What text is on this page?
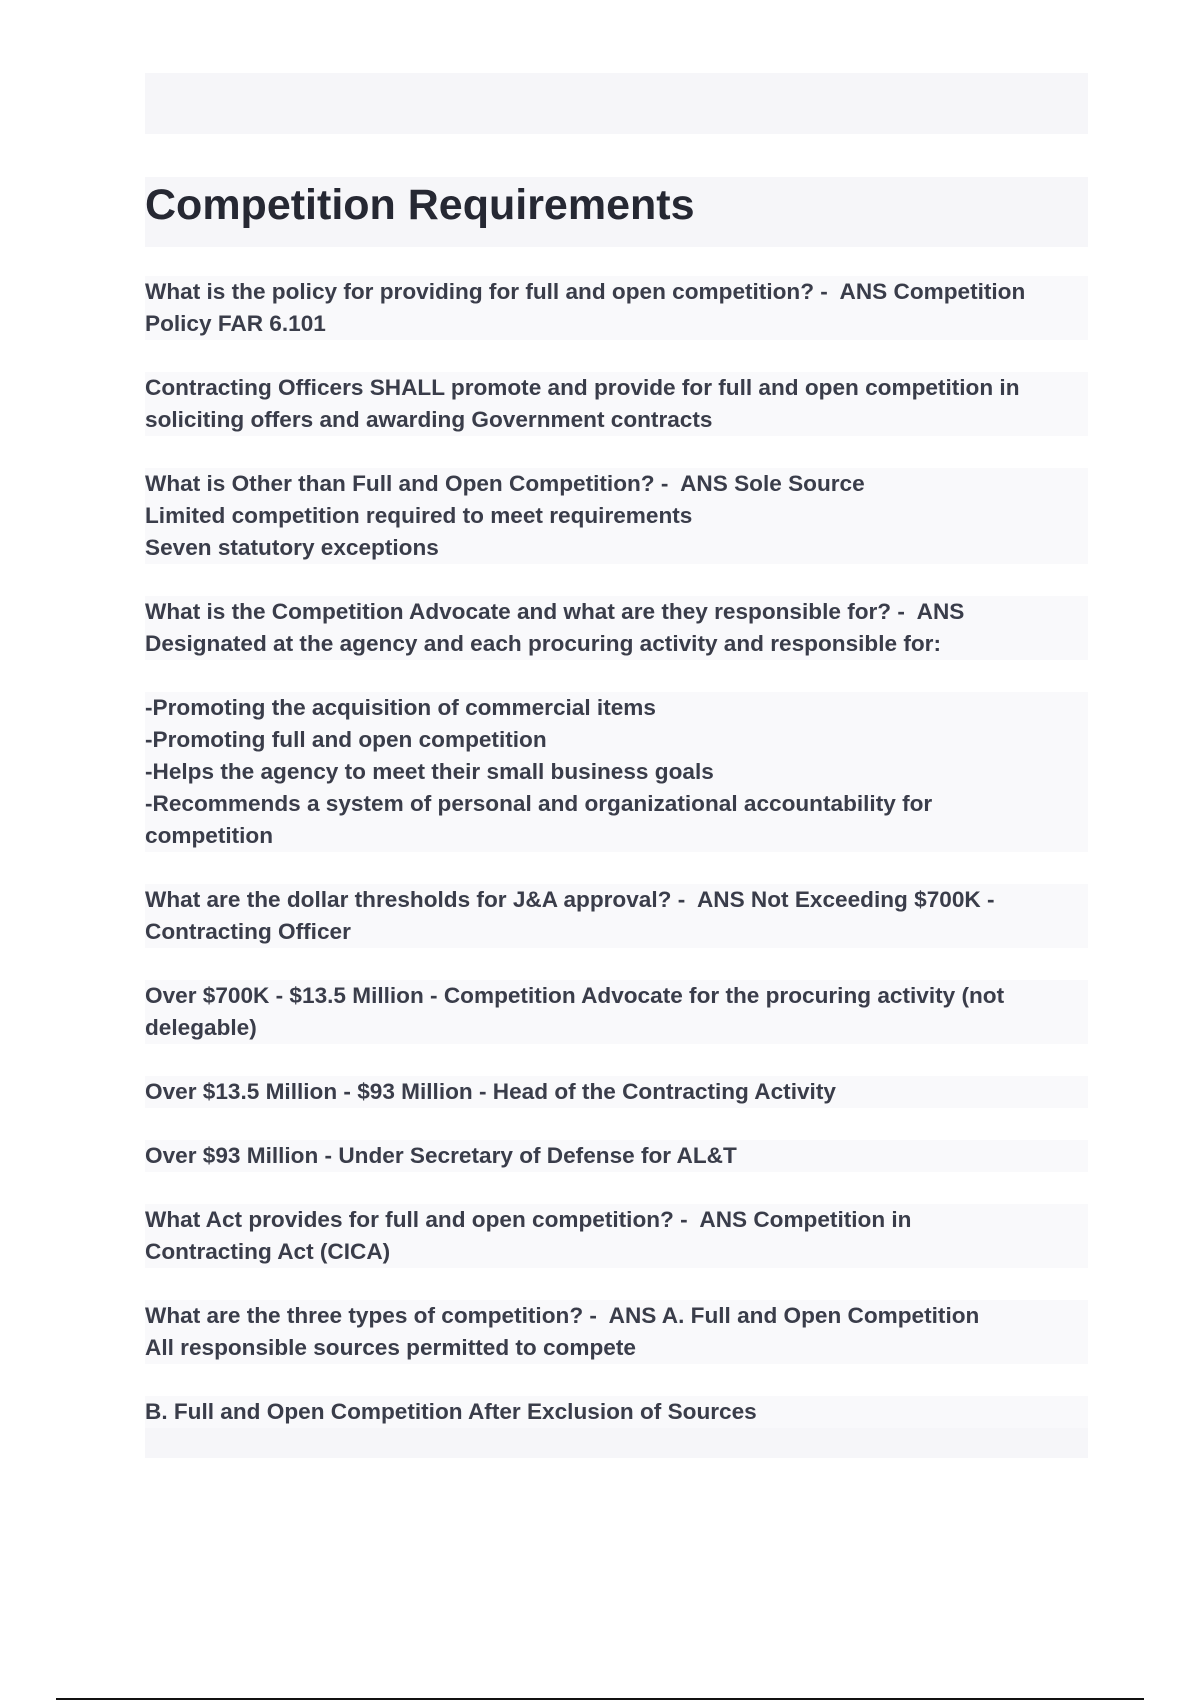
Competition Requirements

What is the policy for providing for full and open competition? -  ANS Competition
Policy FAR 6.101

Contracting Officers SHALL promote and provide for full and open competition in
soliciting offers and awarding Government contracts

What is Other than Full and Open Competition? -  ANS Sole Source
Limited competition required to meet requirements
Seven statutory exceptions

What is the Competition Advocate and what are they responsible for? -  ANS
Designated at the agency and each procuring activity and responsible for:

-Promoting the acquisition of commercial items
-Promoting full and open competition
-Helps the agency to meet their small business goals
-Recommends a system of personal and organizational accountability for
competition

What are the dollar thresholds for J&A approval? -  ANS Not Exceeding $700K -
Contracting Officer

Over $700K - $13.5 Million - Competition Advocate for the procuring activity (not
delegable)

Over $13.5 Million - $93 Million - Head of the Contracting Activity

Over $93 Million - Under Secretary of Defense for AL&T

What Act provides for full and open competition? -  ANS Competition in
Contracting Act (CICA)

What are the three types of competition? -  ANS A. Full and Open Competition
All responsible sources permitted to compete

B. Full and Open Competition After Exclusion of Sources
